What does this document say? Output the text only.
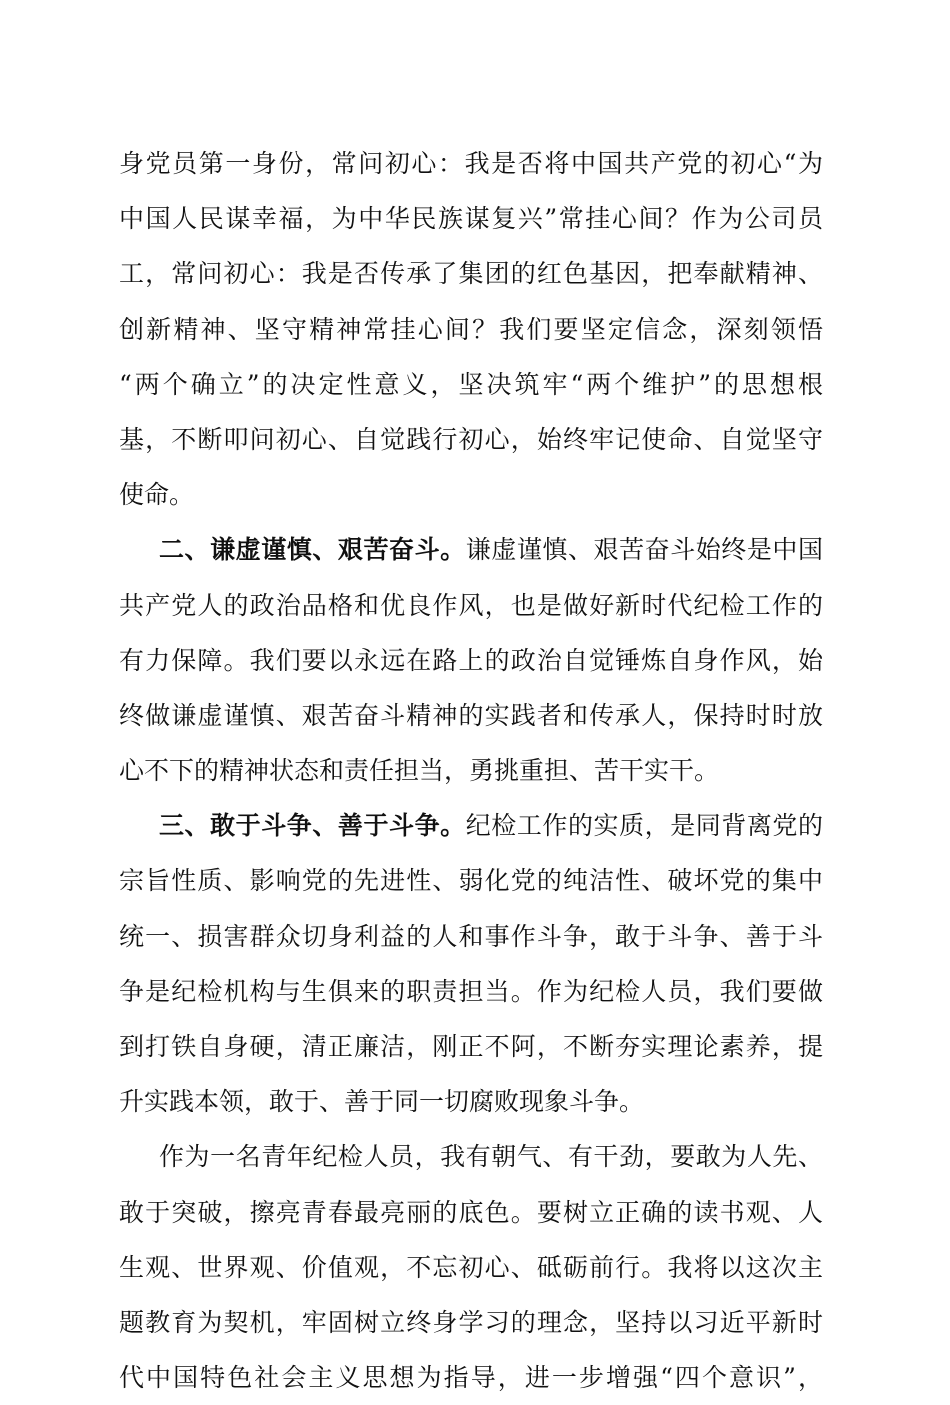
身党员第一身份，常问初心：我是否将中国共产党的初心“为
中国人民谋幸福，为中华民族谋复兴”常挂心间？作为公司员
工，常问初心：我是否传承了集团的红色基因，把奉献精神、
创新精神、坚守精神常挂心间？我们要坚定信念，深刻领悟
“两个确立”的决定性意义，坚决筑牢“两个维护”的思想根
基，不断叩问初心、自觉践行初心，始终牢记使命、自觉坚守
使命。
二、谦虚谨慎、艰苦奋斗。谦虚谨慎、艰苦奋斗始终是中国
共产党人的政治品格和优良作风，也是做好新时代纪检工作的
有力保障。我们要以永远在路上的政治自觉锤炼自身作风，始
终做谦虚谨慎、艰苦奋斗精神的实践者和传承人，保持时时放
心不下的精神状态和责任担当，勇挑重担、苦干实干。
三、敢于斗争、善于斗争。纪检工作的实质，是同背离党的
宗旨性质、影响党的先进性、弱化党的纯洁性、破坏党的集中
统一、损害群众切身利益的人和事作斗争，敢于斗争、善于斗
争是纪检机构与生俱来的职责担当。作为纪检人员，我们要做
到打铁自身硬，清正廉洁，刚正不阿，不断夯实理论素养，提
升实践本领，敢于、善于同一切腐败现象斗争。
作为一名青年纪检人员，我有朝气、有干劲，要敢为人先、
敢于突破，擦亮青春最亮丽的底色。要树立正确的读书观、人
生观、世界观、价值观，不忘初心、砥砺前行。我将以这次主
题教育为契机，牢固树立终身学习的理念，坚持以习近平新时
代中国特色社会主义思想为指导，进一步增强“四个意识”，
